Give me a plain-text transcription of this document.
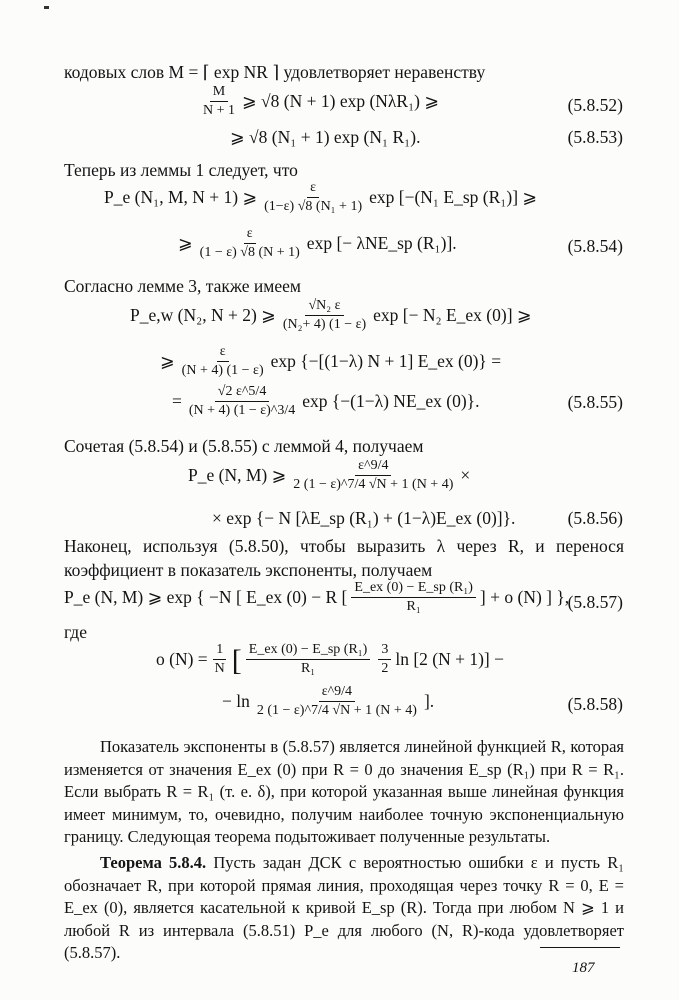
кодовых слов M = ⌈ exp NR ⌉ удовлетворяет неравенству
$\frac{M}{N + 1}$ ⩾ √8 (N + 1) exp (NλR₁) ⩾	(5.8.52)
⩾ √8 (N₁ + 1) exp (N₁ R₁).	(5.8.53)
Теперь из леммы 1 следует, что
P_e (N₁, M, N + 1) ⩾ $\frac{\varepsilon}{\text{(1−ε) √8 (N₁ + 1)}}$ exp [−(N₁ E_sp (R₁)] ⩾
⩾ $\frac{\varepsilon}{(1 - \varepsilon) √8 (N + 1)}$ exp [− λNE_sp (R₁)].	(5.8.54)
Согласно лемме 3, также имеем
P_e,w (N₂, N + 2) ⩾ $\frac{\text{√N₂ ε}}{\text{(N₂+ 4) (1 − ε)}}$ exp [− N₂ E_ex (0)] ⩾
⩾ $\frac{\varepsilon}{(N + 4) (1 - \varepsilon)}$ exp {−[(1−λ) N + 1] E_ex (0)} =
= $\frac{√2 \varepsilon\^{}5/4}{(N + 4) (1 - \varepsilon)\^{}3/4}$ exp {−(1−λ) NE_ex (0)}.	(5.8.55)
Сочетая (5.8.54) и (5.8.55) с леммой 4, получаем
P_e (N, M) ⩾ $\frac{\varepsilon\^{}9/4}{2 (1 - \varepsilon)\^{}7/4 √N + 1 (N + 4)}$ ×
× exp {− N [λE_sp (R₁) + (1−λ)E_ex (0)]}.	(5.8.56)
Наконец, используя (5.8.50), чтобы выразить λ через R, и перенося коэффициент в показатель экспоненты, получаем
P_e (N, M) ⩾ exp { −N [ E_ex (0) − R [ $\frac{\text{E\_ex (0) − E\_sp (R₁)}}{\text{R₁}}$ ] + o (N) ] },
(5.8.57)
где
o $(N) = \frac{1}{N}$ [ $\frac{\text{E\_ex (0) − E\_sp (R₁)}}{\text{R₁}} \frac{3}{2}$ ln [2 (N + 1)] −
− $\ln \frac{\varepsilon\^{}9/4}{2 (1 - \varepsilon)\^{}7/4 √N + 1 (N + 4)}$ ].	(5.8.58)
Показатель экспоненты в (5.8.57) является линейной функцией R, которая изменяется от значения E_ex (0) при R = 0 до значения E_sp (R₁) при R = R₁. Если выбрать R = R₁ (т. е. δ), при которой указанная выше линейная функция имеет минимум, то, очевидно, получим наиболее точную экспоненциальную границу. Следующая теорема подытоживает полученные результаты.
Теорема 5.8.4. Пусть задан ДСК с вероятностью ошибки ε и пусть R₁ обозначает R, при которой прямая линия, проходящая через точку R = 0, E = E_ex (0), является касательной к кривой E_sp (R). Тогда при любом N ⩾ 1 и любой R из интервала (5.8.51) P_e для любого (N, R)-кода удовлетворяет (5.8.57).
187
